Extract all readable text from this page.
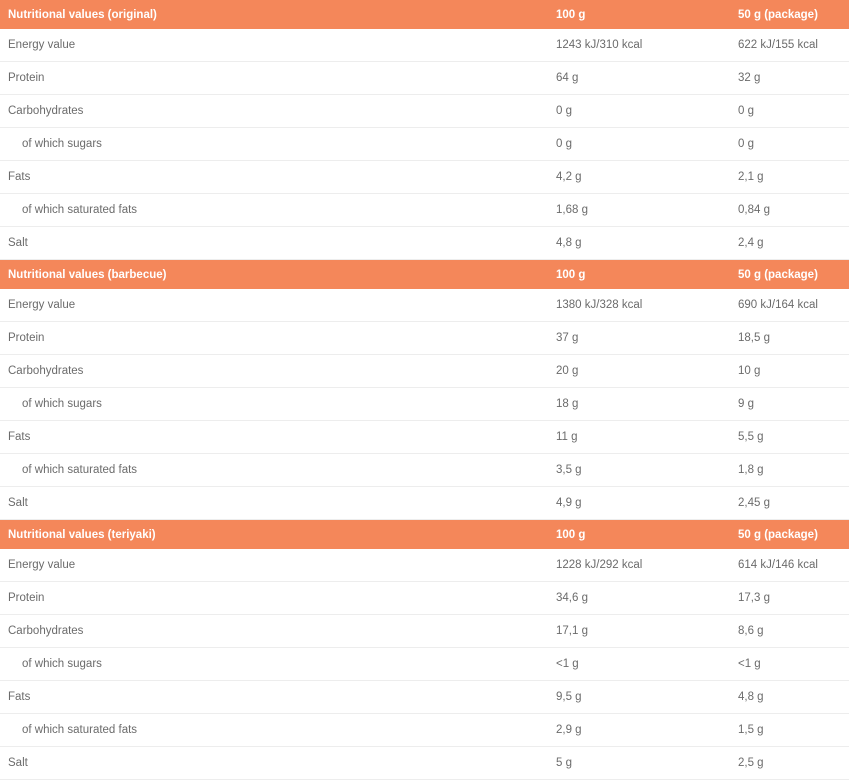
Nutritional values (original)	100 g	50 g (package)
Energy value	1243 kJ/310 kcal	622 kJ/155 kcal
Protein	64 g	32 g
Carbohydrates	0 g	0 g
of which sugars	0 g	0 g
Fats	4,2 g	2,1 g
of which saturated fats	1,68 g	0,84 g
Salt	4,8 g	2,4 g
Nutritional values (barbecue)	100 g	50 g (package)
Energy value	1380 kJ/328 kcal	690 kJ/164 kcal
Protein	37 g	18,5 g
Carbohydrates	20 g	10 g
of which sugars	18 g	9 g
Fats	11 g	5,5 g
of which saturated fats	3,5 g	1,8 g
Salt	4,9 g	2,45 g
Nutritional values (teriyaki)	100 g	50 g (package)
Energy value	1228 kJ/292 kcal	614 kJ/146 kcal
Protein	34,6 g	17,3 g
Carbohydrates	17,1 g	8,6 g
of which sugars	<1 g	<1 g
Fats	9,5 g	4,8 g
of which saturated fats	2,9 g	1,5 g
Salt	5 g	2,5 g
